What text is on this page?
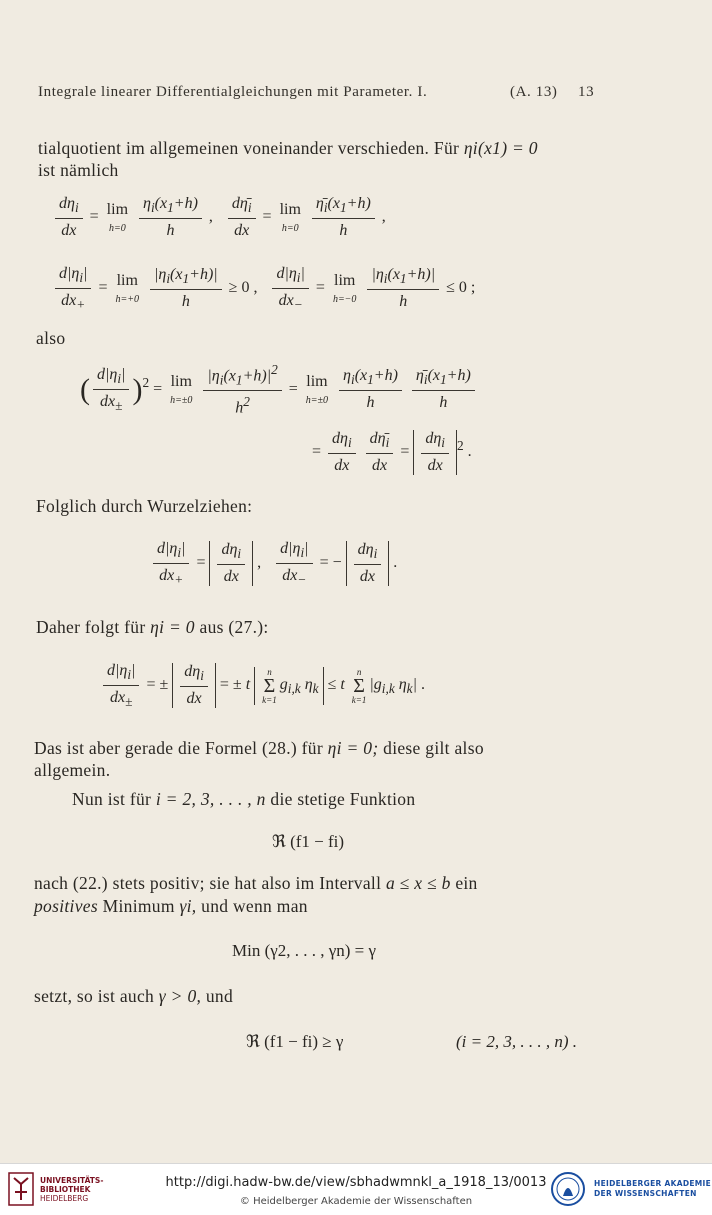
Integrale linearer Differentialgleichungen mit Parameter. I.	(A. 13) 13
tialquotient im allgemeinen voneinander verschieden. Für ηi(x1) = 0
ist nämlich
$\frac{d\eta_i}{dx} = \lim$
h=0
$\frac{\eta_i(x_1+h)}{h}$ , $\frac{d\etā_i}{dx} = \lim$
h=0
$\frac{\etā_i(x_1+h)}{h}$ ,
$\frac{d|\eta_i|}{dx_+} = \lim$
h=+0
$\frac{|\eta_i(x_1+h)|}{h} \ge 0$ , $\frac{d|\eta_i|}{dx_-} = \lim$
h=−0
$\frac{|\eta_i(x_1+h)|}{h} \le 0$ ;
also
( $\frac{d|\eta_i|}{dx_\pm} )^2 = \lim$
h=±0
$\frac{|\eta_i(x_1+h)|^2}{h^2} = \lim$
h=±0
$\frac{\eta_i(x_1+h)}{h}$
$\frac{\etā_i(x_1+h)}{h}$
= $\frac{d\eta_i}{dx}$
$\frac{d\etā_i}{dx} = \frac{d\eta_i}{dx} ^2$ .
Folglich durch Wurzelziehen:
$\frac{d|\eta_i|}{dx_+} = \frac{d\eta_i}{dx}$ , $\frac{d|\eta_i|}{dx_-}$ = − $\frac{d\eta_i}{dx}$ .
Daher folgt für ηi = 0 aus (27.):
$\frac{d|\eta_i|}{dx_\pm}$ = ± $\frac{d\eta_i}{dx}$ = ± t
n
Σ
k=1
$g_{i,k}$ $\eta_k \le t$
n
Σ
k=1
$|g_{i,k}$ $\eta_k|$ .
Das ist aber gerade die Formel (28.) für ηi = 0; diese gilt also
allgemein.
Nun ist für i = 2, 3, . . . , n die stetige Funktion
ℜ (f1 − fi)
nach (22.) stets positiv; sie hat also im Intervall a ≤ x ≤ b ein
positives Minimum γi, und wenn man
Min (γ2, . . . , γn) = γ
setzt, so ist auch γ > 0, und
ℜ (f1 − fi) ≥ γ	(i = 2, 3, . . . , n) .
UNIVERSITÄTS-
BIBLIOTHEK
HEIDELBERG
http://digi.hadw-bw.de/view/sbhadwmnkl_a_1918_13/0013
© Heidelberger Akademie der Wissenschaften
HEIDELBERGER AKADEMIE
DER WISSENSCHAFTEN
